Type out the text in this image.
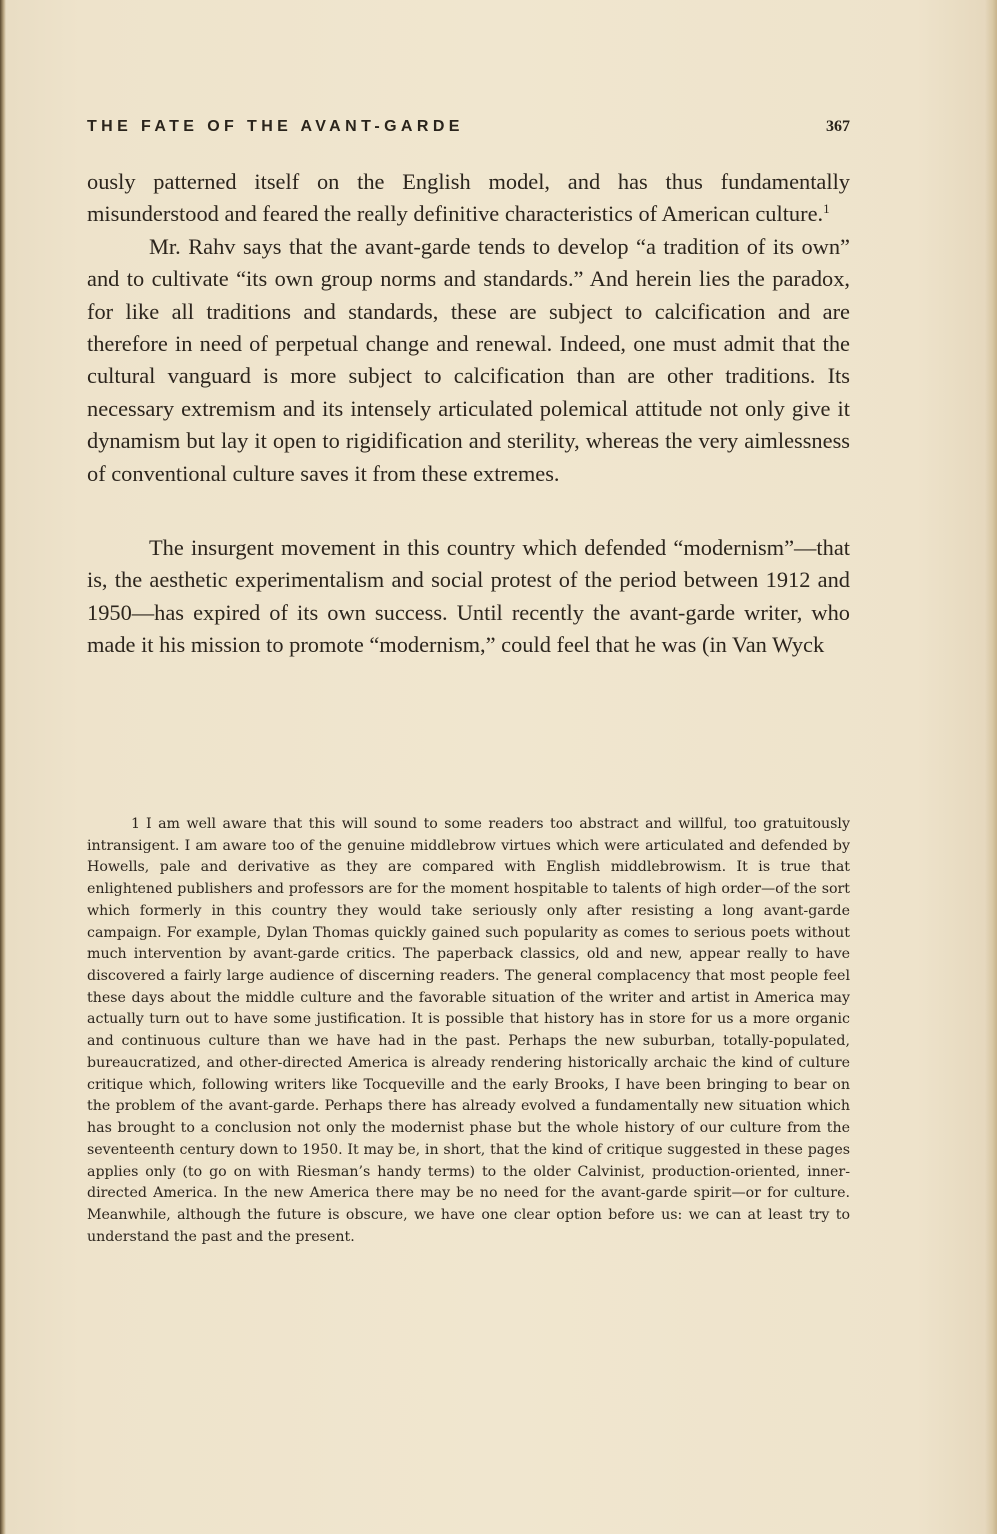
THE FATE OF THE AVANT-GARDE	367

ously patterned itself on the English model, and has thus fundamentally misunderstood and feared the really definitive characteristics of American culture.$^1$

Mr. Rahv says that the avant-garde tends to develop “a tradition of its own” and to cultivate “its own group norms and standards.” And herein lies the paradox, for like all traditions and standards, these are subject to calcification and are therefore in need of perpetual change and renewal. Indeed, one must admit that the cultural vanguard is more subject to calcification than are other traditions. Its necessary extremism and its intensely articulated polemical attitude not only give it dynamism but lay it open to rigidification and sterility, whereas the very aimlessness of conventional culture saves it from these extremes.

The insurgent movement in this country which defended “modernism”—that is, the aesthetic experimentalism and social protest of the period between 1912 and 1950—has expired of its own success. Until recently the avant-garde writer, who made it his mission to promote “modernism,” could feel that he was (in Van Wyck

1 I am well aware that this will sound to some readers too abstract and willful, too gratuitously intransigent. I am aware too of the genuine middlebrow virtues which were articulated and defended by Howells, pale and derivative as they are compared with English middlebrowism. It is true that enlightened publishers and professors are for the moment hospitable to talents of high order—of the sort which formerly in this country they would take seriously only after resisting a long avant-garde campaign. For example, Dylan Thomas quickly gained such popularity as comes to serious poets without much intervention by avant-garde critics. The paperback classics, old and new, appear really to have discovered a fairly large audience of discerning readers. The general complacency that most people feel these days about the middle culture and the favorable situation of the writer and artist in America may actually turn out to have some justification. It is possible that history has in store for us a more organic and continuous culture than we have had in the past. Perhaps the new suburban, totally-populated, bureaucratized, and other-directed America is already rendering historically archaic the kind of culture critique which, following writers like Tocqueville and the early Brooks, I have been bringing to bear on the problem of the avant-garde. Perhaps there has already evolved a fundamentally new situation which has brought to a conclusion not only the modernist phase but the whole history of our culture from the seventeenth century down to 1950. It may be, in short, that the kind of critique suggested in these pages applies only (to go on with Riesman’s handy terms) to the older Calvinist, production-oriented, inner-directed America. In the new America there may be no need for the avant-garde spirit—or for culture. Meanwhile, although the future is obscure, we have one clear option before us: we can at least try to understand the past and the present.
